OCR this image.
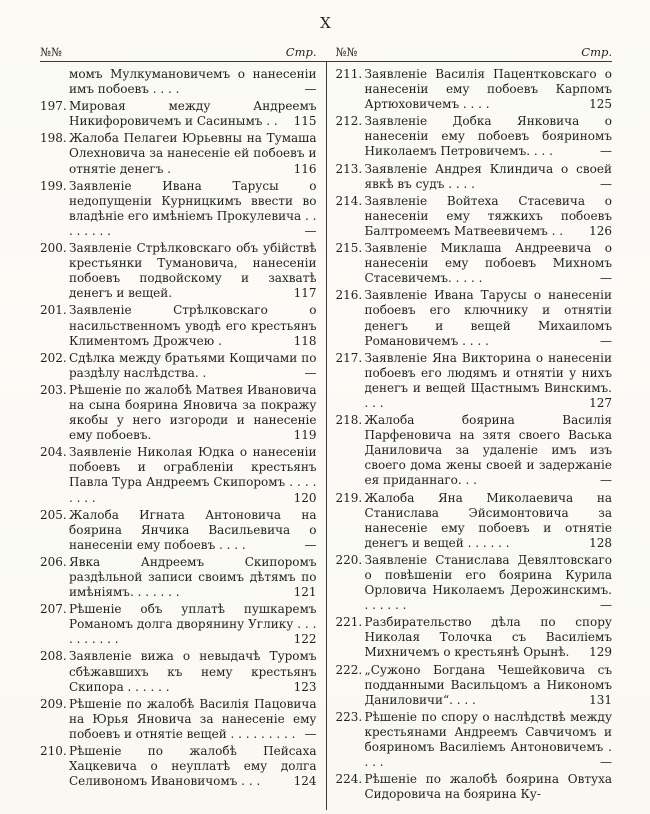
X
№№	Стр. №№	Стр.
момъ Мулкумановичемъ о нанесеніи имъ побоевъ . . . .	—
197. Мировая между Андреемъ Никифоровичемъ и Сасинымъ . .	115
198. Жалоба Пелагеи Юрьевны на Тумаша Олехновича за нанесеніе ей побоевъ и отнятіе денегъ .	116
199. Заявленіе Ивана Тарусы о недопущеніи Курницкимъ ввести во владѣніе его имѣніемъ Прокулевича . . . . . . . .	—
200. Заявленіе Стрѣлковскаго объ убійствѣ крестьянки Тумановича, нанесеніи побоевъ подвойскому и захватѣ денегъ и вещей.	117
201. Заявленіе Стрѣлковскаго о насильственномъ уводѣ его крестьянъ Климентомъ Дрожчею .	118
202. Сдѣлка между братьями Кощичами по раздѣлу наслѣдства. .	—
203. Рѣшеніе по жалобѣ Матвея Ивановича на сына боярина Яновича за покражу якобы у него изгороди и нанесеніе ему побоевъ.	119
204. Заявленіе Николая Юдка о нанесеніи побоевъ и ограбленіи крестьянъ Павла Тура Андреемъ Скипоромъ . . . . . . . .	120
205. Жалоба Игната Антоновича на боярина Янчика Васильевича о нанесеніи ему побоевъ . . . .	—
206. Явка Андреемъ Скипоромъ раздѣльной записи своимъ дѣтямъ по имѣніямъ. . . . . . .	121
207. Рѣшеніе объ уплатѣ пушкаремъ Романомъ долга дворянину Углику . . . . . . . . . .	122
208. Заявленіе вижа о невыдачѣ Туромъ сбѣжавшихъ къ нему крестьянъ Скипора . . . . . .	123
209. Рѣшеніе по жалобѣ Василія Пацовича на Юрья Яновича за нанесеніе ему побоевъ и отнятіе вещей . . . . . . . . . —
210. Рѣшеніе по жалобѣ Пейсаха Хацкевича о неуплатѣ ему долга Селивономъ Ивановичомъ . . .	124
211. Заявленіе Василія Пацентковскаго о нанесеніи ему побоевъ Карпомъ Артюховичемъ . . . .	125
212. Заявленіе Добка Янковича о нанесеніи ему побоевъ бояриномъ Николаемъ Петровичемъ. . . .	—
213. Заявленіе Андрея Клиндича о своей явкѣ въ судъ . . . .	—
214. Заявленіе Войтеха Стасевича о нанесеніи ему тяжкихъ побоевъ Балтромеемъ Матвеевичемъ . .	126
215. Заявленіе Миклаша Андреевича о нанесеніи ему побоевъ Михномъ Стасевичемъ. . . . .	—
216. Заявленіе Ивана Тарусы о нанесеніи побоевъ его ключнику и отнятіи денегъ и вещей Михаиломъ Романовичемъ . . . .	—
217. Заявленіе Яна Викторина о нанесеніи побоевъ его людямъ и отнятіи у нихъ денегъ и вещей Щастнымъ Винскимъ. . . .	127
218. Жалоба боярина Василія Парфеновича на зятя своего Васька Даниловича за удаленіе имъ изъ своего дома жены своей и задержаніе ея приданнаго. . .	—
219. Жалоба Яна Миколаевича на Станислава Эйсимонтовича за нанесеніе ему побоевъ и отнятіе денегъ и вещей . . . . . .	128
220. Заявленіе Станислава Девялтовскаго о повѣшеніи его боярина Курила Орловича Николаемъ Дерожинскимъ. . . . . . .	—
221. Разбирательство дѣла по спору Николая Толочка съ Василіемъ Михничемъ о крестьянѣ Орынѣ.	129
222. „Сужоно Богдана Чешейковича съ подданными Васильцомъ а Никономъ Даниловичи“. . . .	131
223. Рѣшеніе по спору о наслѣдствѣ между крестьянами Андреемъ Савчичомъ и бояриномъ Василіемъ Антоновичемъ . . . .	—
224. Рѣшеніе по жалобѣ боярина Овтуха Сидоровича на боярина Ку-
